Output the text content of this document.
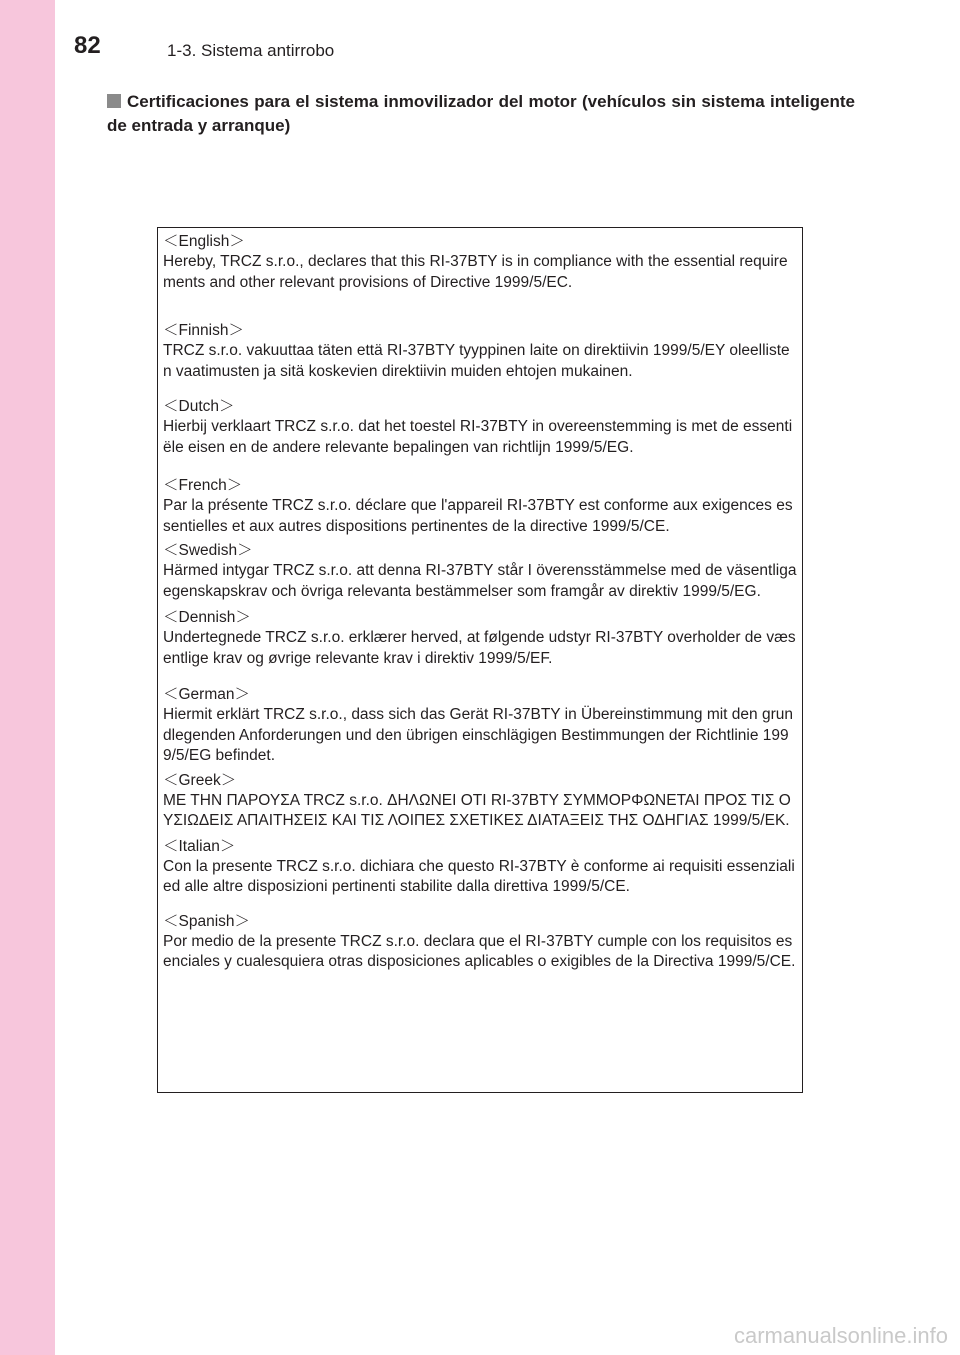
82	1-3. Sistema antirrobo
Certificaciones para el sistema inmovilizador del motor (vehículos sin sistema inteligente de entrada y arranque)
＜English＞
Hereby, TRCZ s.r.o., declares that this RI-37BTY is in compliance with the essential requirements and other relevant provisions of Directive 1999/5/EC.
＜Finnish＞
TRCZ s.r.o. vakuuttaa täten että RI-37BTY tyyppinen laite on direktiivin 1999/5/EY oleellisten vaatimusten ja sitä koskevien direktiivin muiden ehtojen mukainen.
＜Dutch＞
Hierbij verklaart TRCZ s.r.o. dat het toestel RI-37BTY in overeenstemming is met de essentiële eisen en de andere relevante bepalingen van richtlijn 1999/5/EG.
＜French＞
Par la présente TRCZ s.r.o. déclare que l'appareil RI-37BTY est conforme aux exigences essentielles et aux autres dispositions pertinentes de la directive 1999/5/CE.
＜Swedish＞
Härmed intygar TRCZ s.r.o. att denna RI-37BTY står I överensstämmelse med de väsentliga egenskapskrav och övriga relevanta bestämmelser som framgår av direktiv 1999/5/EG.
＜Dennish＞
Undertegnede TRCZ s.r.o. erklærer herved, at følgende udstyr RI-37BTY overholder de væsentlige krav og øvrige relevante krav i direktiv 1999/5/EF.
＜German＞
Hiermit erklärt TRCZ s.r.o., dass sich das Gerät RI-37BTY in Übereinstimmung mit den grundlegenden Anforderungen und den übrigen einschlägigen Bestimmungen der Richtlinie 1999/5/EG befindet.
＜Greek＞
ΜΕ ΤΗΝ ΠΑΡΟΥΣΑ TRCZ s.r.o. ΔΗΛΩΝΕΙ ΟΤΙ RI-37BTY ΣΥΜΜΟΡΦΩΝΕΤΑΙ ΠΡΟΣ ΤΙΣ ΟΥΣΙΩΔΕΙΣ ΑΠΑΙΤΗΣΕΙΣ ΚΑΙ ΤΙΣ ΛΟΙΠΕΣ ΣΧΕΤΙΚΕΣ ΔΙΑΤΑΞΕΙΣ ΤΗΣ ΟΔΗΓΙΑΣ 1999/5/ΕΚ.
＜Italian＞
Con la presente TRCZ s.r.o. dichiara che questo RI-37BTY è conforme ai requisiti essenziali ed alle altre disposizioni pertinenti stabilite dalla direttiva 1999/5/CE.
＜Spanish＞
Por medio de la presente TRCZ s.r.o. declara que el RI-37BTY cumple con los requisitos esenciales y cualesquiera otras disposiciones aplicables o exigibles de la Directiva 1999/5/CE.
carmanualsonline.info
